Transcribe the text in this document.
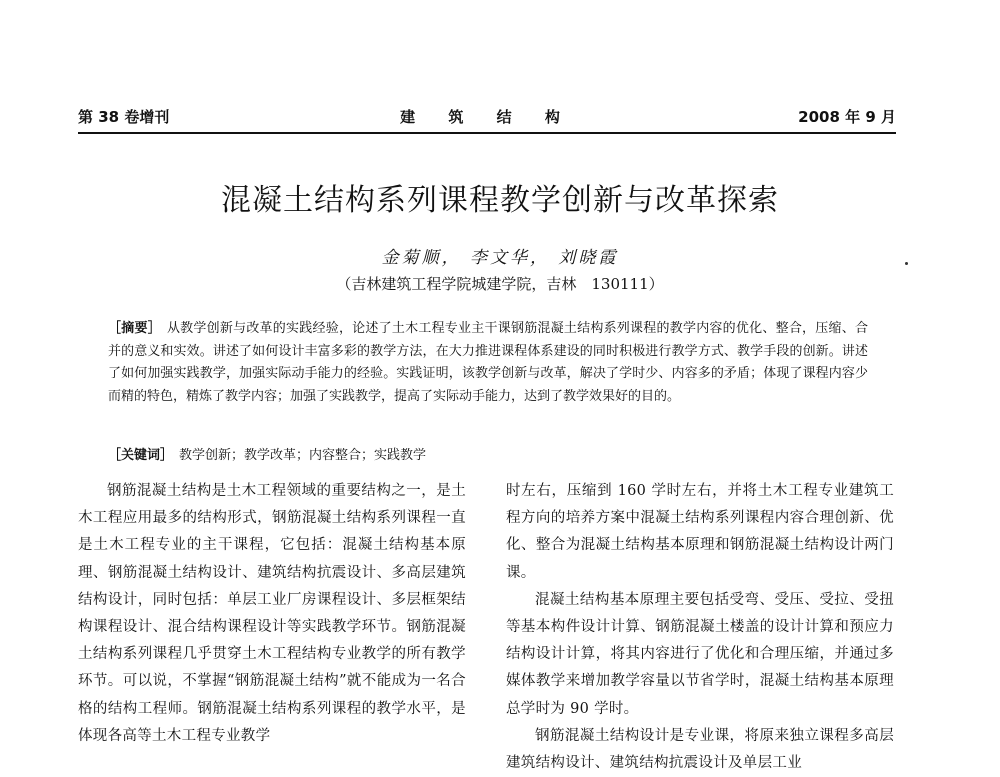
第 38 卷增刊	建 筑 结 构	2008 年 9 月
混凝土结构系列课程教学创新与改革探索
金菊顺， 李文华， 刘晓霞
（吉林建筑工程学院城建学院，吉林　130111）
［摘要］ 从教学创新与改革的实践经验，论述了土木工程专业主干课钢筋混凝土结构系列课程的教学内容的优化、整合，压缩、合并的意义和实效。讲述了如何设计丰富多彩的教学方法，在大力推进课程体系建设的同时积极进行教学方式、教学手段的创新。讲述了如何加强实践教学，加强实际动手能力的经验。实践证明，该教学创新与改革，解决了学时少、内容多的矛盾；体现了课程内容少而精的特色，精炼了教学内容；加强了实践教学，提高了实际动手能力，达到了教学效果好的目的。
［关键词］ 教学创新；教学改革；内容整合；实践教学

钢筋混凝土结构是土木工程领域的重要结构之一，是土木工程应用最多的结构形式，钢筋混凝土结构系列课程一直是土木工程专业的主干课程，它包括：混凝土结构基本原理、钢筋混凝土结构设计、建筑结构抗震设计、多高层建筑结构设计，同时包括：单层工业厂房课程设计、多层框架结构课程设计、混合结构课程设计等实践教学环节。钢筋混凝土结构系列课程几乎贯穿土木工程结构专业教学的所有教学环节。可以说，不掌握“钢筋混凝土结构”就不能成为一名合格的结构工程师。钢筋混凝土结构系列课程的教学水平，是体现各高等土木工程专业教学

时左右，压缩到 160 学时左右，并将土木工程专业建筑工程方向的培养方案中混凝土结构系列课程内容合理创新、优化、整合为混凝土结构基本原理和钢筋混凝土结构设计两门课。

混凝土结构基本原理主要包括受弯、受压、受拉、受扭等基本构件设计计算、钢筋混凝土楼盖的设计计算和预应力结构设计计算，将其内容进行了优化和合理压缩，并通过多媒体教学来增加教学容量以节省学时，混凝土结构基本原理总学时为 90 学时。

钢筋混凝土结构设计是专业课，将原来独立课程多高层建筑结构设计、建筑结构抗震设计及单层工业
